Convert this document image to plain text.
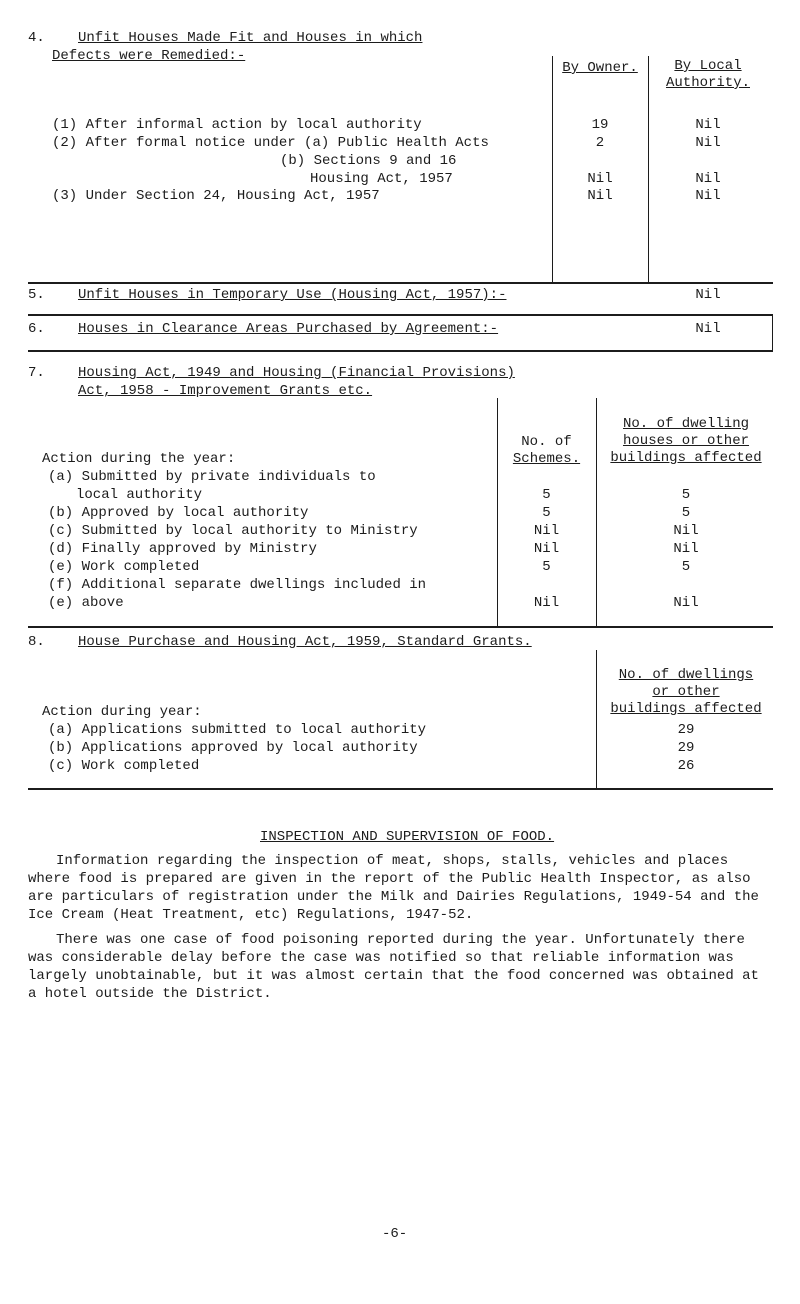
4. Unfit Houses Made Fit and Houses in which
Defects were Remedied:-
By Owner.	By Local
Authority.
(1) After informal action by local authority	19	Nil
(2) After formal notice under (a) Public Health Acts	2	Nil
(b) Sections 9 and 16
Housing Act, 1957	Nil	Nil
(3) Under Section 24, Housing Act, 1957	Nil	Nil
5. Unfit Houses in Temporary Use (Housing Act, 1957):-	Nil
6. Houses in Clearance Areas Purchased by Agreement:-	Nil
7. Housing Act, 1949 and Housing (Financial Provisions)
Act, 1958 - Improvement Grants etc.
No. of
Schemes.
No. of dwelling
houses or other
buildings affected
Action during the year:
(a) Submitted by private individuals to
local authority	5	5
(b) Approved by local authority	5	5
(c) Submitted by local authority to Ministry	Nil	Nil
(d) Finally approved by Ministry	Nil	Nil
(e) Work completed	5	5
(f) Additional separate dwellings included in
(e) above	Nil	Nil
8. House Purchase and Housing Act, 1959, Standard Grants.
No. of dwellings
or other
buildings affected
Action during year:
(a) Applications submitted to local authority	29
(b) Applications approved by local authority	29
(c) Work completed	26
INSPECTION AND SUPERVISION OF FOOD.

Information regarding the inspection of meat, shops, stalls, vehicles and places where food is prepared are given in the report of the Public Health Inspector, as also are particulars of registration under the Milk and Dairies Regulations, 1949-54 and the Ice Cream (Heat Treatment, etc) Regulations, 1947-52.

There was one case of food poisoning reported during the year. Unfortunately there was considerable delay before the case was notified so that reliable information was largely unobtainable, but it was almost certain that the food concerned was obtained at a hotel outside the District.

-6-
